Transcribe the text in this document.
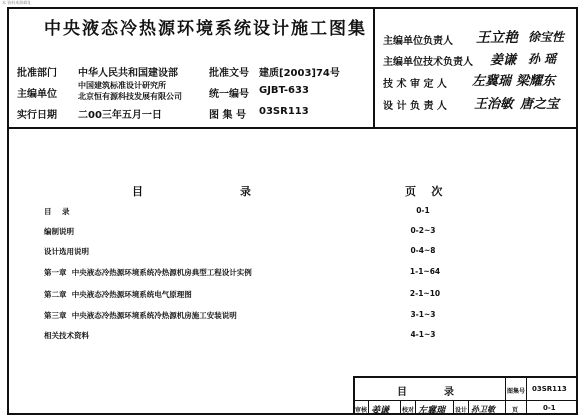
本 資料來源網址
中央液态冷热源环境系统设计施工图集
批准部门 中华人民共和国建设部	批准文号 建质[2003]74号
主编单位
中国建筑标准设计研究所
北京恒有源科技发展有限公司	统一编号 GJBT-633
实行日期 二00三年五月一日	图 集 号 03SR113
主编单位负责人 王立艳 徐宝性
主编单位技术负责人 姜谦 孙 瑶
技 术 审 定 人 左冀瑞 梁耀东
设 计 负 责 人 王治敏 唐之宝
目	录	页    次
目    录	0-1
编制说明	0-2~3
设计选用说明	0-4~8
第一章  中央液态冷热源环境系统冷热源机房典型工程设计实例	1-1~64
第二章  中央液态冷热源环境系统电气原理图	2-1~10
第三章  中央液态冷热源环境系统冷热源机房施工安装说明	3-1~3
相关技术资料	4-1~3
目	录	图集号 03SR113
审核 姜谦 校对 左冀瑞 设计 孙卫敏	页	0-1
